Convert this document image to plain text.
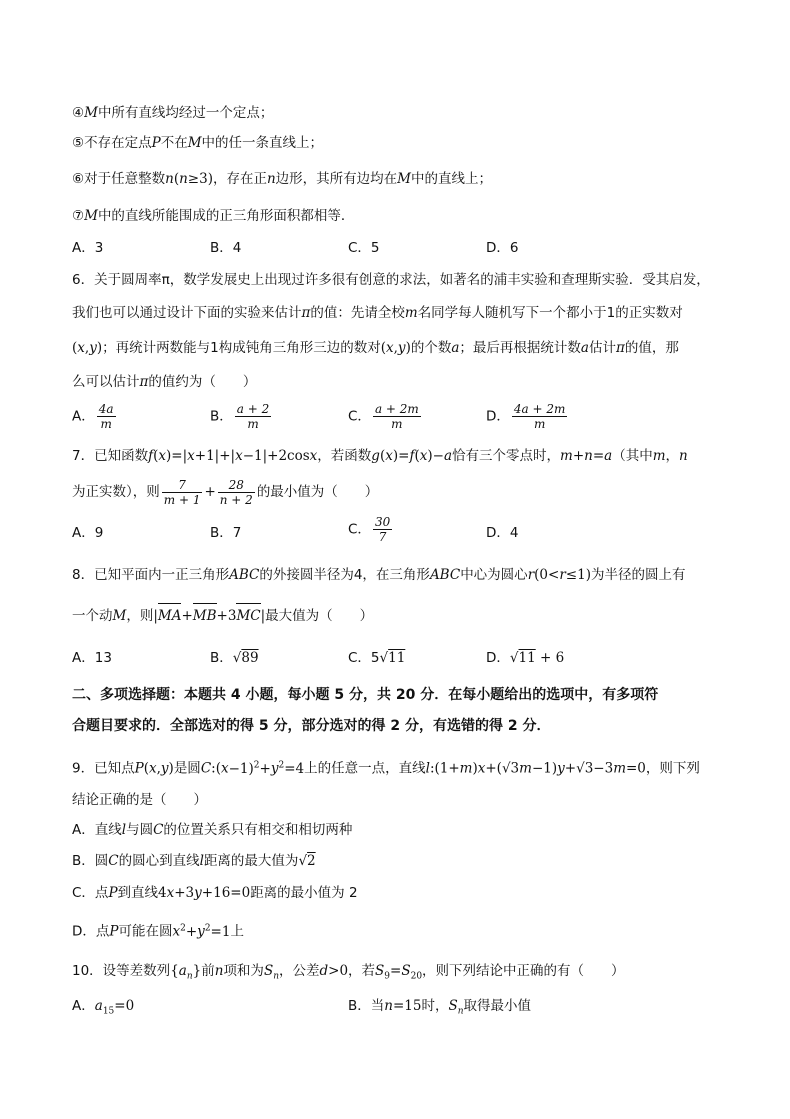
④M中所有直线均经过一个定点；
⑤不存在定点P不在M中的任一条直线上；
⑥对于任意整数n(n≥3)，存在正n边形，其所有边均在M中的直线上；
⑦M中的直线所能围成的正三角形面积都相等．
A．3	B．4	C．5	D．6
6．关于圆周率π，数学发展史上出现过许多很有创意的求法，如著名的浦丰实验和查理斯实验．受其启发，
我们也可以通过设计下面的实验来估计π的值：先请全校m名同学每人随机写下一个都小于1的正实数对
(x,y)；再统计两数能与1构成钝角三角形三边的数对(x,y)的个数a；最后再根据统计数a估计π的值，那
么可以估计π的值约为（　　）
A． $\frac{4a}{m}$	B． $\frac{a + 2}{m}$	C． $\frac{a + 2m}{m}$	D． $\frac{4a + 2m}{m}$
7．已知函数f(x)=|x+1|+|x−1|+2cosx，若函数g(x)=f(x)−a恰有三个零点时，m+n=a（其中m，n
为正实数），则 $\frac{7}{m + 1} + \frac{28}{n + 2}$ 的最小值为（　　）
A．9	B．7	C． $\frac{30}{7}$	D．4
8．已知平面内一正三角形ABC的外接圆半径为4，在三角形ABC中心为圆心r(0<r≤1)为半径的圆上有
一个动M，则|MA+MB+3MC|最大值为（　　）
A．13	B．√89	C．5√11	D．√11 + 6
二、多项选择题：本题共 4 小题，每小题 5 分，共 20 分．在每小题给出的选项中，有多项符
合题目要求的．全部选对的得 5 分，部分选对的得 2 分，有选错的得 2 分．
9．已知点P(x,y)是圆$C:(x-1)^2+y^2=4$上的任意一点，直线l:(1+m)x+(√3m−1)y+√3−3m=0，则下列
结论正确的是（　　）
A．直线l与圆C的位置关系只有相交和相切两种
B．圆C的圆心到直线l距离的最大值为√2
C．点P到直线4x+3y+16=0距离的最小值为 2
D．点P可能在圆$x^2+y^2=1$上
10．设等差数列$\{a_n\}$前n项和为$S_n$，公差d>0，若$S_9=S_{20}$，则下列结论中正确的有（　　）
A．$a_{15}=0$	B．当n=15时，$S_n$取得最小值
